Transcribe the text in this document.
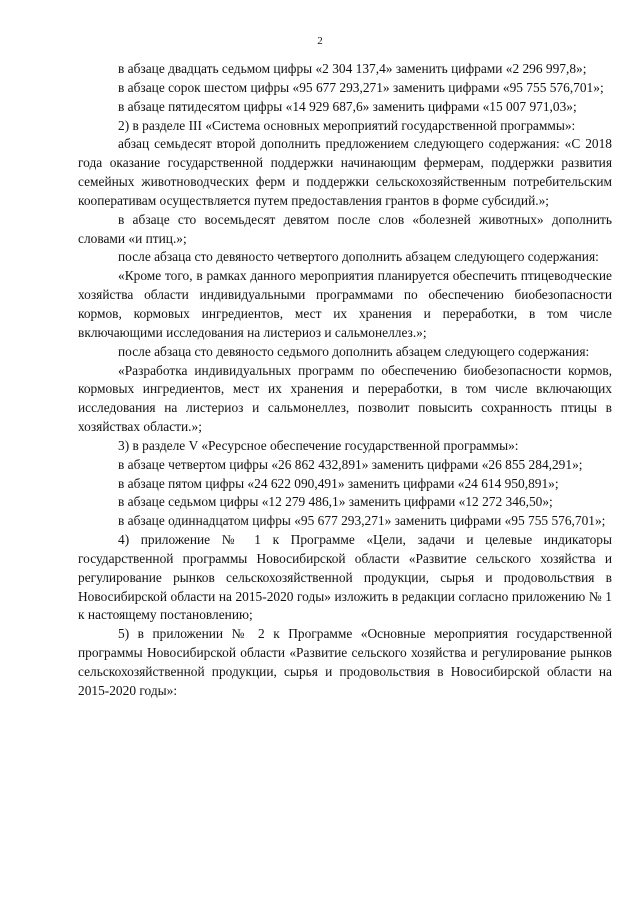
2

в абзаце двадцать седьмом цифры «2 304 137,4» заменить цифрами «2 296 997,8»;

в абзаце сорок шестом цифры «95 677 293,271» заменить цифрами «95 755 576,701»;

в абзаце пятидесятом цифры «14 929 687,6» заменить цифрами «15 007 971,03»;

2) в разделе III «Система основных мероприятий государственной программы»:

абзац семьдесят второй дополнить предложением следующего содержания: «С 2018 года оказание государственной поддержки начинающим фермерам, поддержки развития семейных животноводческих ферм и поддержки сельскохозяйственным потребительским кооперативам осуществляется путем предоставления грантов в форме субсидий.»;

в абзаце сто восемьдесят девятом после слов «болезней животных» дополнить словами «и птиц.»;

после абзаца сто девяносто четвертого дополнить абзацем следующего содержания:

«Кроме того, в рамках данного мероприятия планируется обеспечить птицеводческие хозяйства области индивидуальными программами по обеспечению биобезопасности кормов, кормовых ингредиентов, мест их хранения и переработки, в том числе включающими исследования на листериоз и сальмонеллез.»;

после абзаца сто девяносто седьмого дополнить абзацем следующего содержания:

«Разработка индивидуальных программ по обеспечению биобезопасности кормов, кормовых ингредиентов, мест их хранения и переработки, в том числе включающих исследования на листериоз и сальмонеллез, позволит повысить сохранность птицы в хозяйствах области.»;

3) в разделе V «Ресурсное обеспечение государственной программы»:

в абзаце четвертом цифры «26 862 432,891» заменить цифрами «26 855 284,291»;

в абзаце пятом цифры «24 622 090,491» заменить цифрами «24 614 950,891»;

в абзаце седьмом цифры «12 279 486,1» заменить цифрами «12 272 346,50»;

в абзаце одиннадцатом цифры «95 677 293,271» заменить цифрами «95 755 576,701»;

4) приложение № 1 к Программе «Цели, задачи и целевые индикаторы государственной программы Новосибирской области «Развитие сельского хозяйства и регулирование рынков сельскохозяйственной продукции, сырья и продовольствия в Новосибирской области на 2015-2020 годы» изложить в редакции согласно приложению № 1 к настоящему постановлению;

5) в приложении № 2 к Программе «Основные мероприятия государственной программы Новосибирской области «Развитие сельского хозяйства и регулирование рынков сельскохозяйственной продукции, сырья и продовольствия в Новосибирской области на 2015-2020 годы»:
